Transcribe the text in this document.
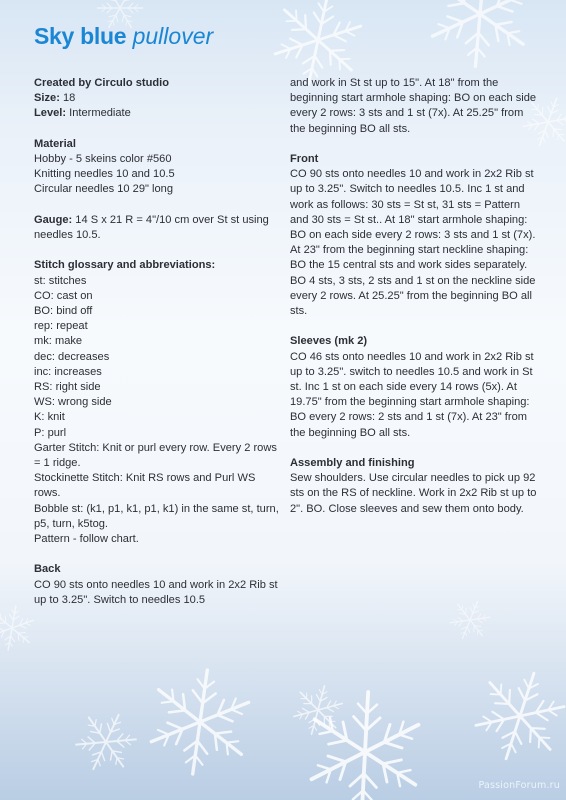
Sky blue pullover

Created by Circulo studio

Size: 18

Level: Intermediate

Material

Hobby - 5 skeins color #560

Knitting needles 10 and 10.5

Circular needles 10 29" long

Gauge: 14 S x 21 R = 4"/10 cm over St st using needles 10.5.

Stitch glossary and abbreviations:

st: stitches

CO: cast on

BO: bind off

rep: repeat

mk: make

dec: decreases

inc: increases

RS: right side

WS: wrong side

K: knit

P: purl

Garter Stitch: Knit or purl every row. Every 2 rows = 1 ridge.

Stockinette Stitch: Knit RS rows and Purl WS rows.

Bobble st: (k1, p1, k1, p1, k1) in the same st, turn, p5, turn, k5tog.

Pattern - follow chart.

Back

CO 90 sts onto needles 10 and work in 2x2 Rib st up to 3.25". Switch to needles 10.5

and work in St st up to 15". At 18" from the beginning start armhole shaping: BO on each side every 2 rows: 3 sts and 1 st (7x). At 25.25" from the beginning BO all sts.

Front

CO 90 sts onto needles 10 and work in 2x2 Rib st up to 3.25". Switch to needles 10.5. Inc 1 st and work as follows: 30 sts = St st, 31 sts = Pattern and 30 sts = St st.. At 18" start armhole shaping: BO on each side every 2 rows: 3 sts and 1 st (7x). At 23" from the beginning start neckline shaping: BO the 15 central sts and work sides separately. BO 4 sts, 3 sts, 2 sts and 1 st on the neckline side every 2 rows. At 25.25" from the beginning BO all sts.

Sleeves (mk 2)

CO 46 sts onto needles 10 and work in 2x2 Rib st up to 3.25". switch to needles 10.5 and work in St st. Inc 1 st on each side every 14 rows (5x). At 19.75" from the beginning start armhole shaping: BO every 2 rows: 2 sts and 1 st (7x). At 23" from the beginning BO all sts.

Assembly and finishing

Sew shoulders. Use circular needles to pick up 92 sts on the RS of neckline. Work in 2x2 Rib st up to 2". BO. Close sleeves and sew them onto body.

PassionForum.ru
